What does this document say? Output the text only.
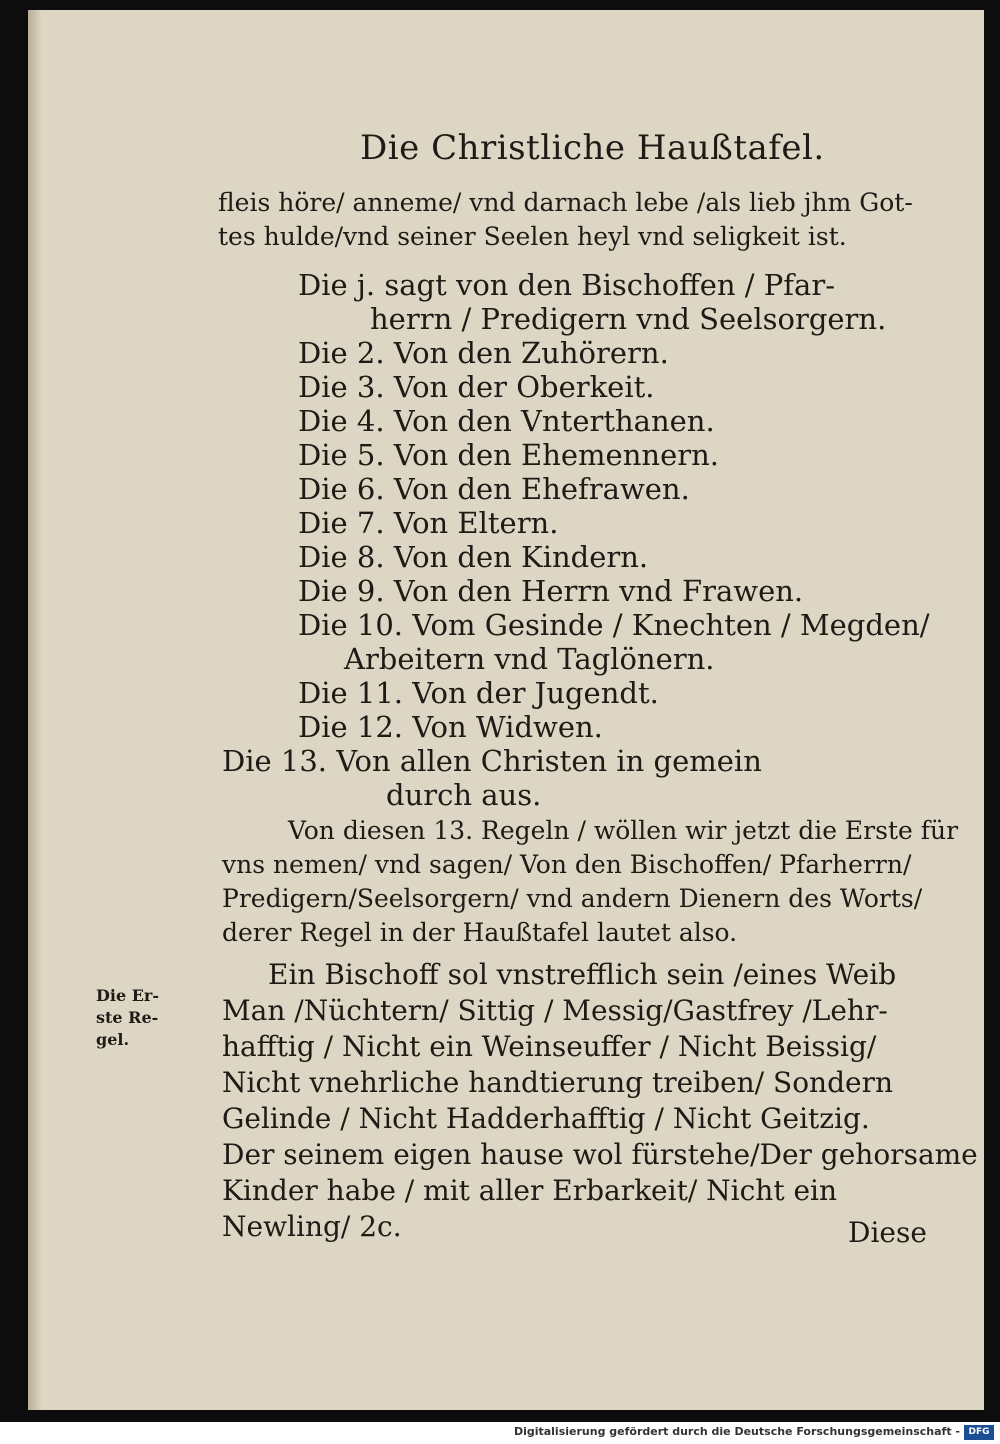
Die Christliche Haußtafel.
fleis höre/ anneme/ vnd darnach lebe /als lieb jhm Got-
tes hulde/vnd seiner Seelen heyl vnd seligkeit ist.
Die j. sagt von den Bischoffen / Pfar-
herrn / Predigern vnd Seelsorgern.
Die 2. Von den Zuhörern.
Die 3. Von der Oberkeit.
Die 4. Von den Vnterthanen.
Die 5. Von den Ehemennern.
Die 6. Von den Ehefrawen.
Die 7. Von Eltern.
Die 8. Von den Kindern.
Die 9. Von den Herrn vnd Frawen.
Die 10. Vom Gesinde / Knechten / Megden/
Arbeitern vnd Taglönern.
Die 11. Von der Jugendt.
Die 12. Von Widwen.
Die 13. Von allen Christen in gemein
durch aus.
Von diesen 13. Regeln / wöllen wir jetzt die Erste für
vns nemen/ vnd sagen/ Von den Bischoffen/ Pfarherrn/
Predigern/Seelsorgern/ vnd andern Dienern des Worts/
derer Regel in der Haußtafel lautet also.
Die Er-
ste Re-
gel.
Ein Bischoff sol vnstrefflich sein /eines Weib
Man /Nüchtern/ Sittig / Messig/Gastfrey /Lehr-
hafftig / Nicht ein Weinseuffer / Nicht Beissig/
Nicht vnehrliche handtierung treiben/ Sondern
Gelinde / Nicht Hadderhafftig / Nicht Geitzig.
Der seinem eigen hause wol fürstehe/Der gehorsame
Kinder habe / mit aller Erbarkeit/ Nicht ein
Newling/ 2c.	Diese
Digitalisierung gefördert durch die Deutsche Forschungsgemeinschaft - DFG
